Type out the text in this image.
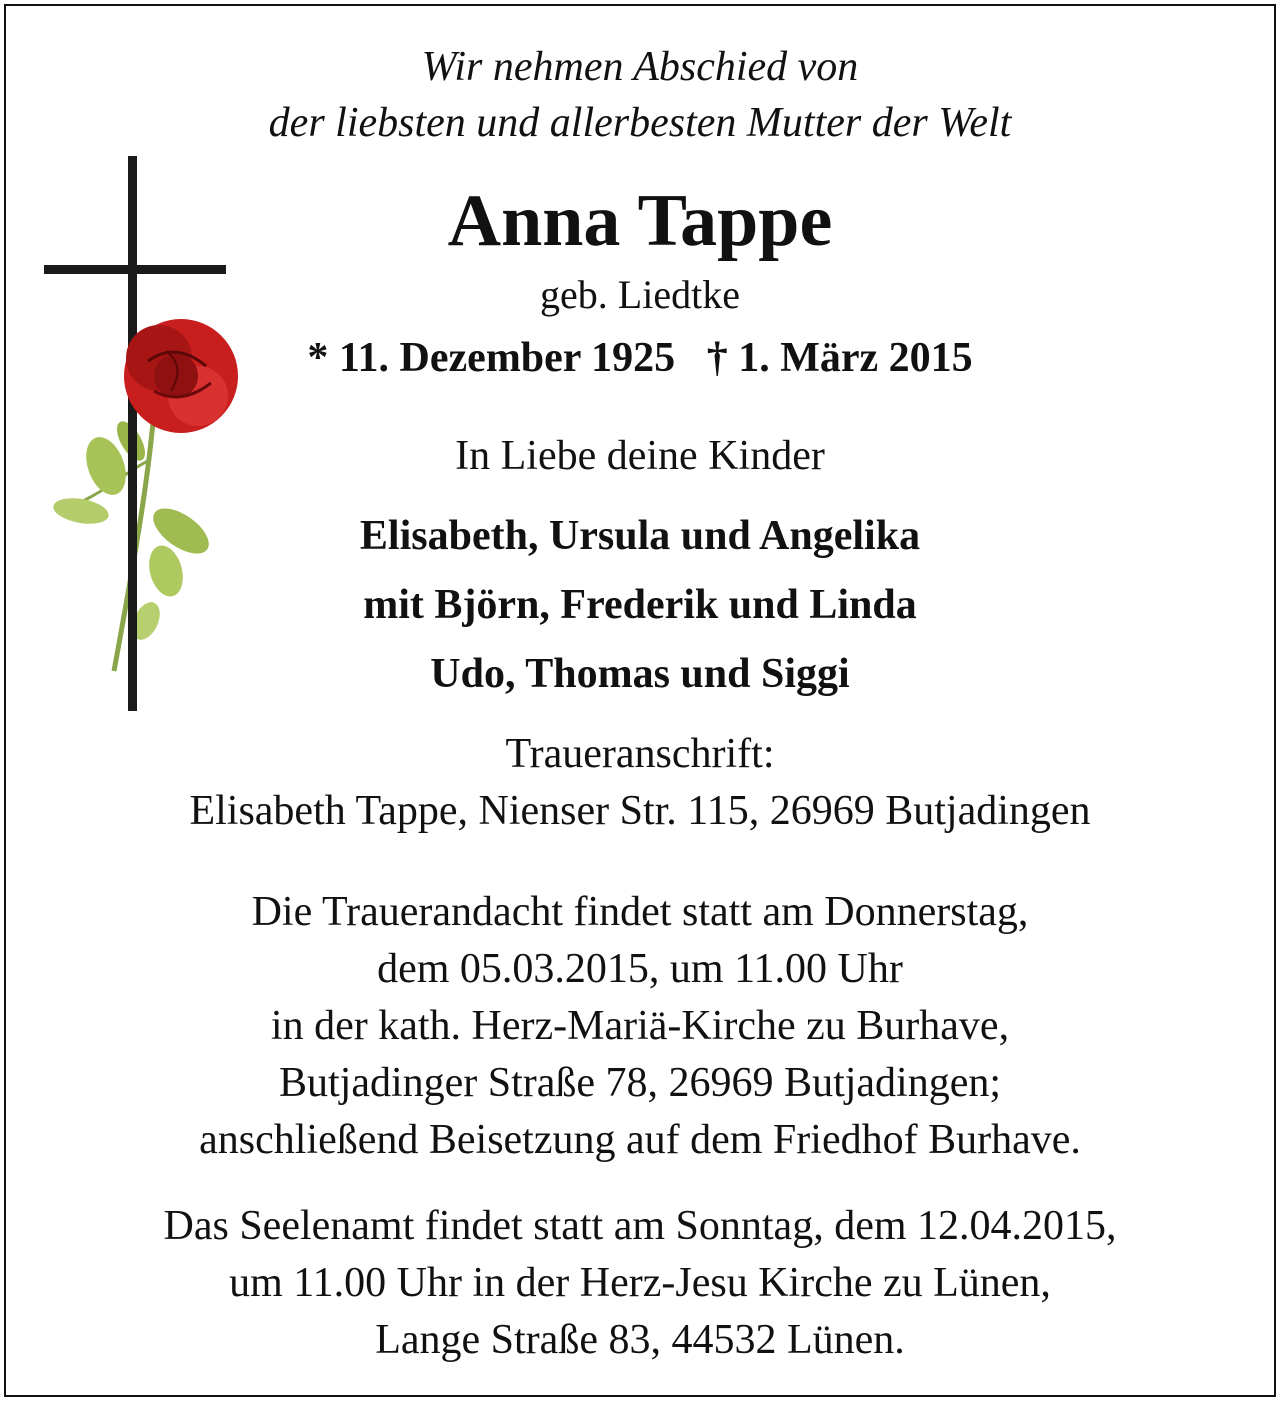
Wir nehmen Abschied von

der liebsten und allerbesten Mutter der Welt

Anna Tappe

geb. Liedtke

* 11. Dezember 1925 † 1. März 2015

In Liebe deine Kinder

Elisabeth, Ursula und Angelika

mit Björn, Frederik und Linda

Udo, Thomas und Siggi

Traueranschrift:

Elisabeth Tappe, Nienser Str. 115, 26969 Butjadingen

Die Trauerandacht findet statt am Donnerstag,

dem 05.03.2015, um 11.00 Uhr

in der kath. Herz-Mariä-Kirche zu Burhave,

Butjadinger Straße 78, 26969 Butjadingen;

anschließend Beisetzung auf dem Friedhof Burhave.

Das Seelenamt findet statt am Sonntag, dem 12.04.2015,

um 11.00 Uhr in der Herz-Jesu Kirche zu Lünen,

Lange Straße 83, 44532 Lünen.
